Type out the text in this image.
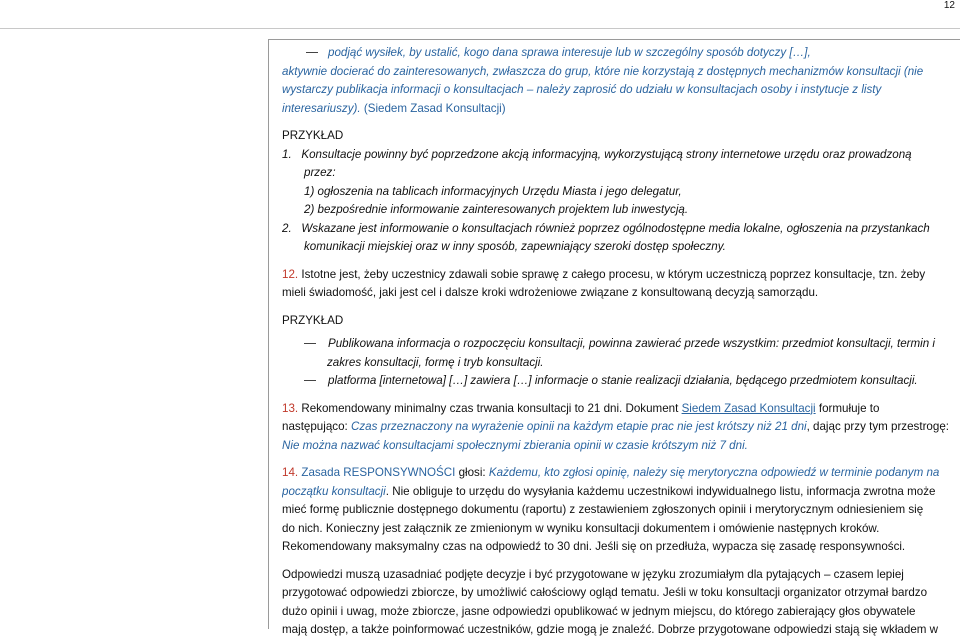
12
podjąć wysiłek, by ustalić, kogo dana sprawa interesuje lub w szczególny sposób dotyczy […],
aktywnie docierać do zainteresowanych, zwłaszcza do grup, które nie korzystają z dostępnych mechanizmów konsultacji (nie
wystarczy publikacja informacji o konsultacjach – należy zaprosić do udziału w konsultacjach osoby i instytucje z listy
interesariuszy). (Siedem Zasad Konsultacji)
PRZYKŁAD
1. Konsultacje powinny być poprzedzone akcją informacyjną, wykorzystującą strony internetowe urzędu oraz prowadzoną
przez:
1) ogłoszenia na tablicach informacyjnych Urzędu Miasta i jego delegatur,
2) bezpośrednie informowanie zainteresowanych projektem lub inwestycją.
2. Wskazane jest informowanie o konsultacjach również poprzez ogólnodostępne media lokalne, ogłoszenia na przystankach
komunikacji miejskiej oraz w inny sposób, zapewniający szeroki dostęp społeczny.
12. Istotne jest, żeby uczestnicy zdawali sobie sprawę z całego procesu, w którym uczestniczą poprzez konsultacje, tzn. żeby
mieli świadomość, jaki jest cel i dalsze kroki wdrożeniowe związane z konsultowaną decyzją samorządu.
PRZYKŁAD
Publikowana informacja o rozpoczęciu konsultacji, powinna zawierać przede wszystkim: przedmiot konsultacji, termin i
zakres konsultacji, formę i tryb konsultacji.
platforma [internetowa] […] zawiera […] informacje o stanie realizacji działania, będącego przedmiotem konsultacji.
13. Rekomendowany minimalny czas trwania konsultacji to 21 dni. Dokument Siedem Zasad Konsultacji formułuje to
następująco: Czas przeznaczony na wyrażenie opinii na każdym etapie prac nie jest krótszy niż 21 dni, dając przy tym przestrogę:
Nie można nazwać konsultacjami społecznymi zbierania opinii w czasie krótszym niż 7 dni.
14. Zasada RESPONSYWNOŚCI głosi: Każdemu, kto zgłosi opinię, należy się merytoryczna odpowiedź w terminie podanym na
początku konsultacji. Nie obliguje to urzędu do wysyłania każdemu uczestnikowi indywidualnego listu, informacja zwrotna może
mieć formę publicznie dostępnego dokumentu (raportu) z zestawieniem zgłoszonych opinii i merytorycznym odniesieniem się
do nich. Konieczny jest załącznik ze zmienionym w wyniku konsultacji dokumentem i omówienie następnych kroków.
Rekomendowany maksymalny czas na odpowiedź to 30 dni. Jeśli się on przedłuża, wypacza się zasadę responsywności.
Odpowiedzi muszą uzasadniać podjęte decyzje i być przygotowane w języku zrozumiałym dla pytających – czasem lepiej
przygotować odpowiedzi zbiorcze, by umożliwić całościowy ogląd tematu. Jeśli w toku konsultacji organizator otrzymał bardzo
dużo opinii i uwag, może zbiorcze, jasne odpowiedzi opublikować w jednym miejscu, do którego zabierający głos obywatele
mają dostęp, a także poinformować uczestników, gdzie mogą je znaleźć. Dobrze przygotowane odpowiedzi stają się wkładem w
